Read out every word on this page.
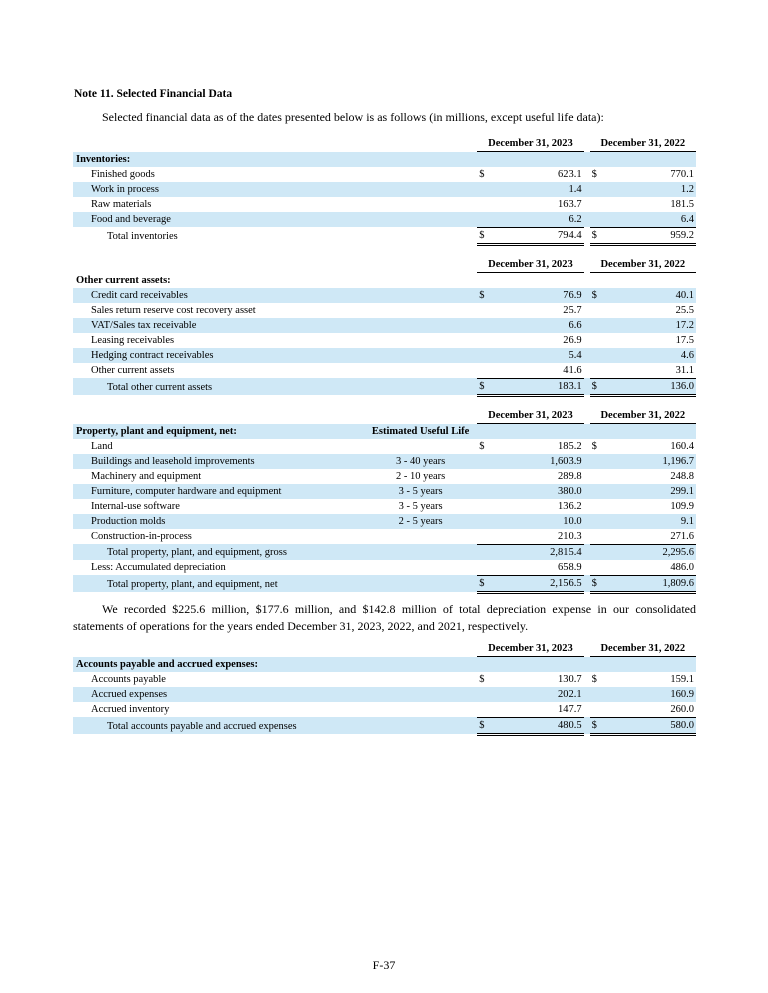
Note 11. Selected Financial Data
Selected financial data as of the dates presented below is as follows (in millions, except useful life data):
		December 31, 2023			December 31, 2022	
Inventories:						
Finished goods		$	623.1		$	770.1
Work in process			1.4			1.2
Raw materials			163.7			181.5
Food and beverage			6.2			6.4
Total inventories		$	794.4		$	959.2
		December 31, 2023			December 31, 2022	
Other current assets:						
Credit card receivables		$	76.9		$	40.1
Sales return reserve cost recovery asset			25.7			25.5
VAT/Sales tax receivable			6.6			17.2
Leasing receivables			26.9			17.5
Hedging contract receivables			5.4			4.6
Other current assets			41.6			31.1
Total other current assets		$	183.1		$	136.0
		December 31, 2023			December 31, 2022	
Property, plant and equipment, net:	Estimated Useful Life					
Land		$	185.2		$	160.4
Buildings and leasehold improvements	3 - 40 years		1,603.9			1,196.7
Machinery and equipment	2 - 10 years		289.8			248.8
Furniture, computer hardware and equipment	3 - 5 years		380.0			299.1
Internal-use software	3 - 5 years		136.2			109.9
Production molds	2 - 5 years		10.0			9.1
Construction-in-process			210.3			271.6
Total property, plant, and equipment, gross			2,815.4			2,295.6
Less: Accumulated depreciation			658.9			486.0
Total property, plant, and equipment, net		$	2,156.5		$	1,809.6
We recorded $225.6 million, $177.6 million, and $142.8 million of total depreciation expense in our consolidated statements of operations for the years ended December 31, 2023, 2022, and 2021, respectively.
		December 31, 2023			December 31, 2022	
Accounts payable and accrued expenses:						
Accounts payable		$	130.7		$	159.1
Accrued expenses			202.1			160.9
Accrued inventory			147.7			260.0
Total accounts payable and accrued expenses		$	480.5		$	580.0
F-37
